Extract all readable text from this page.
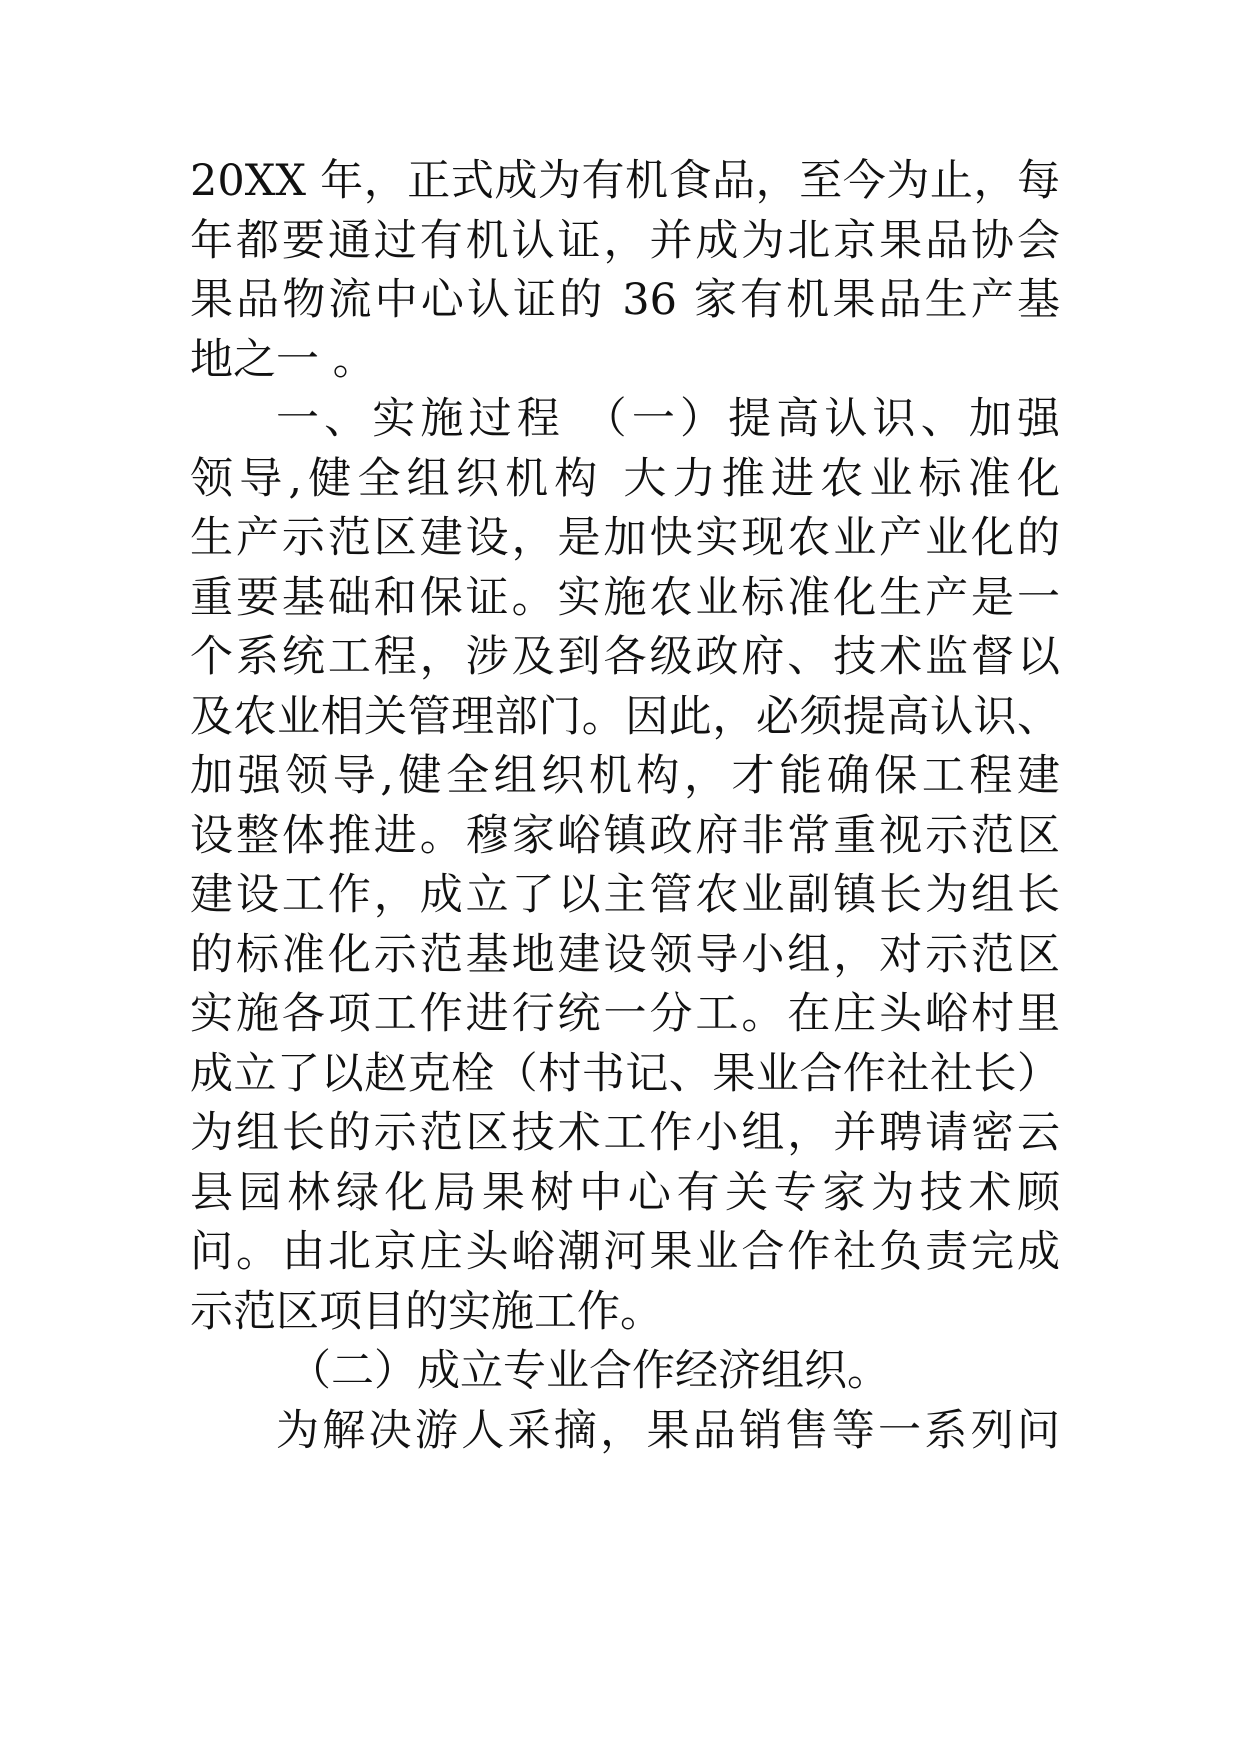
20XX 年，正式成为有机食品，至今为止，每
年都要通过有机认证，并成为北京果品协会
果品物流中心认证的 36 家有机果品生产基
地之一 。
一、实施过程 （一）提高认识、加强
领导,健全组织机构 大力推进农业标准化
生产示范区建设，是加快实现农业产业化的
重要基础和保证。实施农业标准化生产是一
个系统工程，涉及到各级政府、技术监督以
及农业相关管理部门。因此，必须提高认识、
加强领导,健全组织机构，才能确保工程建
设整体推进。穆家峪镇政府非常重视示范区
建设工作，成立了以主管农业副镇长为组长
的标准化示范基地建设领导小组，对示范区
实施各项工作进行统一分工。在庄头峪村里
成立了以赵克栓（村书记、果业合作社社长）
为组长的示范区技术工作小组，并聘请密云
县园林绿化局果树中心有关专家为技术顾
问。由北京庄头峪潮河果业合作社负责完成
示范区项目的实施工作。
（二）成立专业合作经济组织。
为解决游人采摘，果品销售等一系列问
